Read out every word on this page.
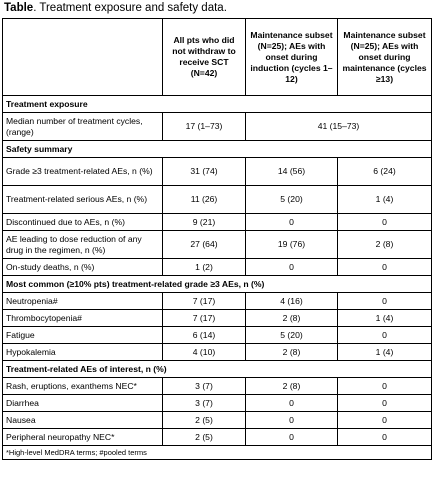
Table. Treatment exposure and safety data.
	All pts who did not withdraw to receive SCT (N=42)	Maintenance subset (N=25); AEs with onset during induction (cycles 1–12)	Maintenance subset (N=25); AEs with onset during maintenance (cycles ≥13)
Treatment exposure			
Median number of treatment cycles, (range)	17 (1–73)	41 (15–73)	
Safety summary			
Grade ≥3 treatment-related AEs, n (%)	31 (74)	14 (56)	6 (24)
Treatment-related serious AEs, n (%)	11 (26)	5 (20)	1 (4)
Discontinued due to AEs, n (%)	9 (21)	0	0
AE leading to dose reduction of any drug in the regimen, n (%)	27 (64)	19 (76)	2 (8)
On-study deaths, n (%)	1 (2)	0	0
Most common (≥10% pts) treatment-related grade ≥3 AEs, n (%)			
Neutropenia#	7 (17)	4 (16)	0
Thrombocytopenia#	7 (17)	2 (8)	1 (4)
Fatigue	6 (14)	5 (20)	0
Hypokalemia	4 (10)	2 (8)	1 (4)
Treatment-related AEs of interest, n (%)			
Rash, eruptions, exanthems NEC*	3 (7)	2 (8)	0
Diarrhea	3 (7)	0	0
Nausea	2 (5)	0	0
Peripheral neuropathy NEC*	2 (5)	0	0
*High-level MedDRA terms; #pooled terms			
